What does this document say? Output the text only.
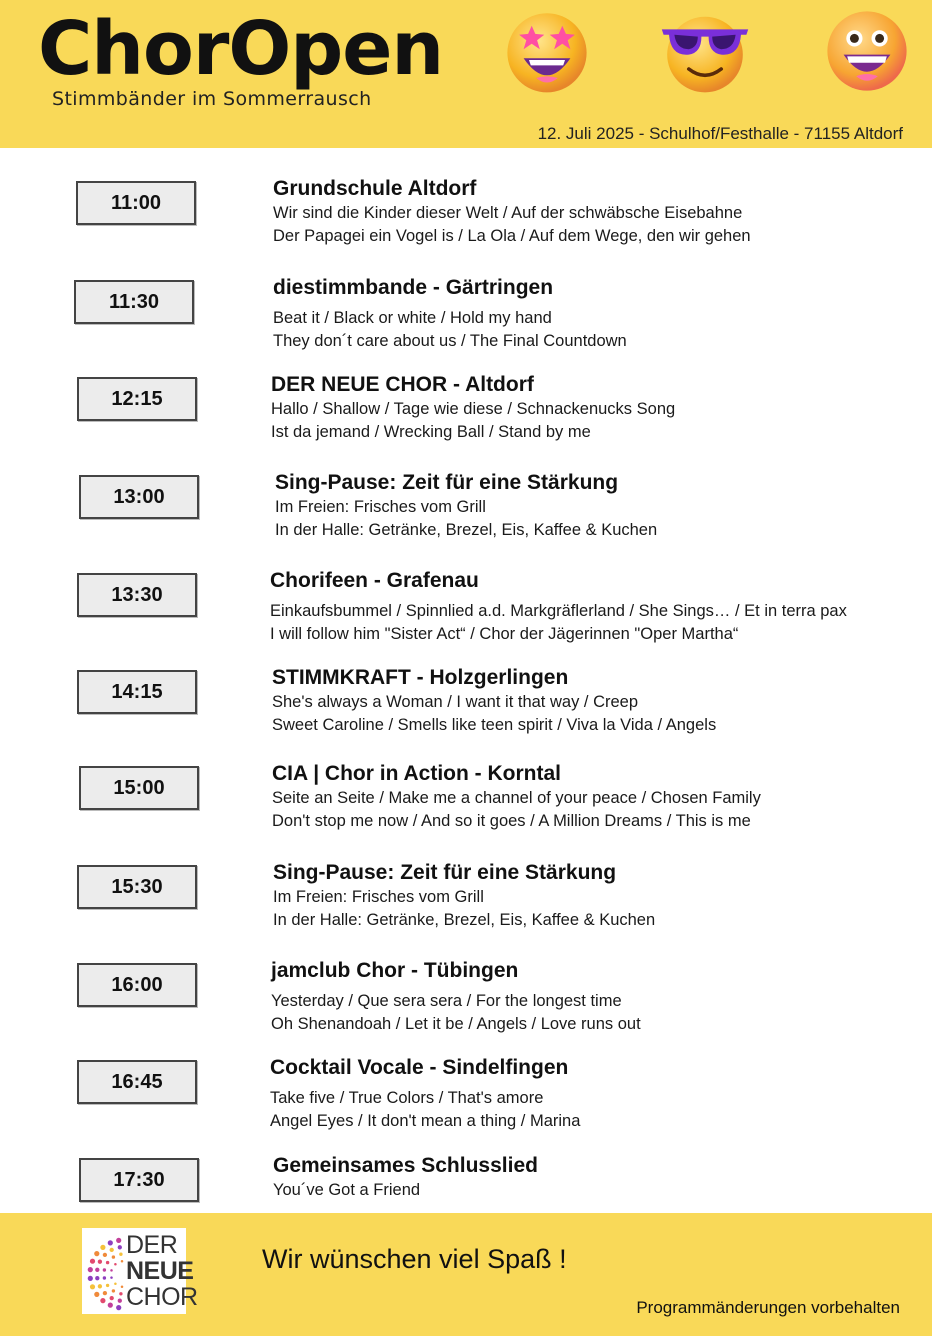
ChorOpen
Stimmbänder im Sommerrausch
12. Juli 2025 - Schulhof/Festhalle - 71155 Altdorf
11:00
Grundschule Altdorf
Wir sind die Kinder dieser Welt / Auf der schwäbsche Eisebahne
Der Papagei ein Vogel is / La Ola / Auf dem Wege, den wir gehen
11:30
diestimmbande - Gärtringen
Beat it / Black or white / Hold my hand
They don´t care about us / The Final Countdown
12:15
DER NEUE CHOR - Altdorf
Hallo / Shallow / Tage wie diese / Schnackenucks Song
Ist da jemand / Wrecking Ball / Stand by me
13:00
Sing-Pause: Zeit für eine Stärkung
Im Freien: Frisches vom Grill
In der Halle: Getränke, Brezel, Eis, Kaffee & Kuchen
13:30
Chorifeen - Grafenau
Einkaufsbummel / Spinnlied a.d. Markgräflerland / She Sings… / Et in terra pax
I will follow him "Sister Act“ / Chor der Jägerinnen "Oper Martha“
14:15
STIMMKRAFT - Holzgerlingen
She's always a Woman / I want it that way / Creep
Sweet Caroline / Smells like teen spirit / Viva la Vida / Angels
15:00
CIA | Chor in Action - Korntal
Seite an Seite / Make me a channel of your peace / Chosen Family
Don't stop me now / And so it goes / A Million Dreams / This is me
15:30
Sing-Pause: Zeit für eine Stärkung
Im Freien: Frisches vom Grill
In der Halle: Getränke, Brezel, Eis, Kaffee & Kuchen
16:00
jamclub Chor - Tübingen
Yesterday / Que sera sera / For the longest time
Oh Shenandoah / Let it be / Angels / Love runs out
16:45
Cocktail Vocale - Sindelfingen
Take five / True Colors / That's amore
Angel Eyes / It don't mean a thing / Marina
17:30
Gemeinsames Schlusslied
You´ve Got a Friend
DER
NEUE
CHOR
Wir wünschen viel Spaß !
Programmänderungen vorbehalten
